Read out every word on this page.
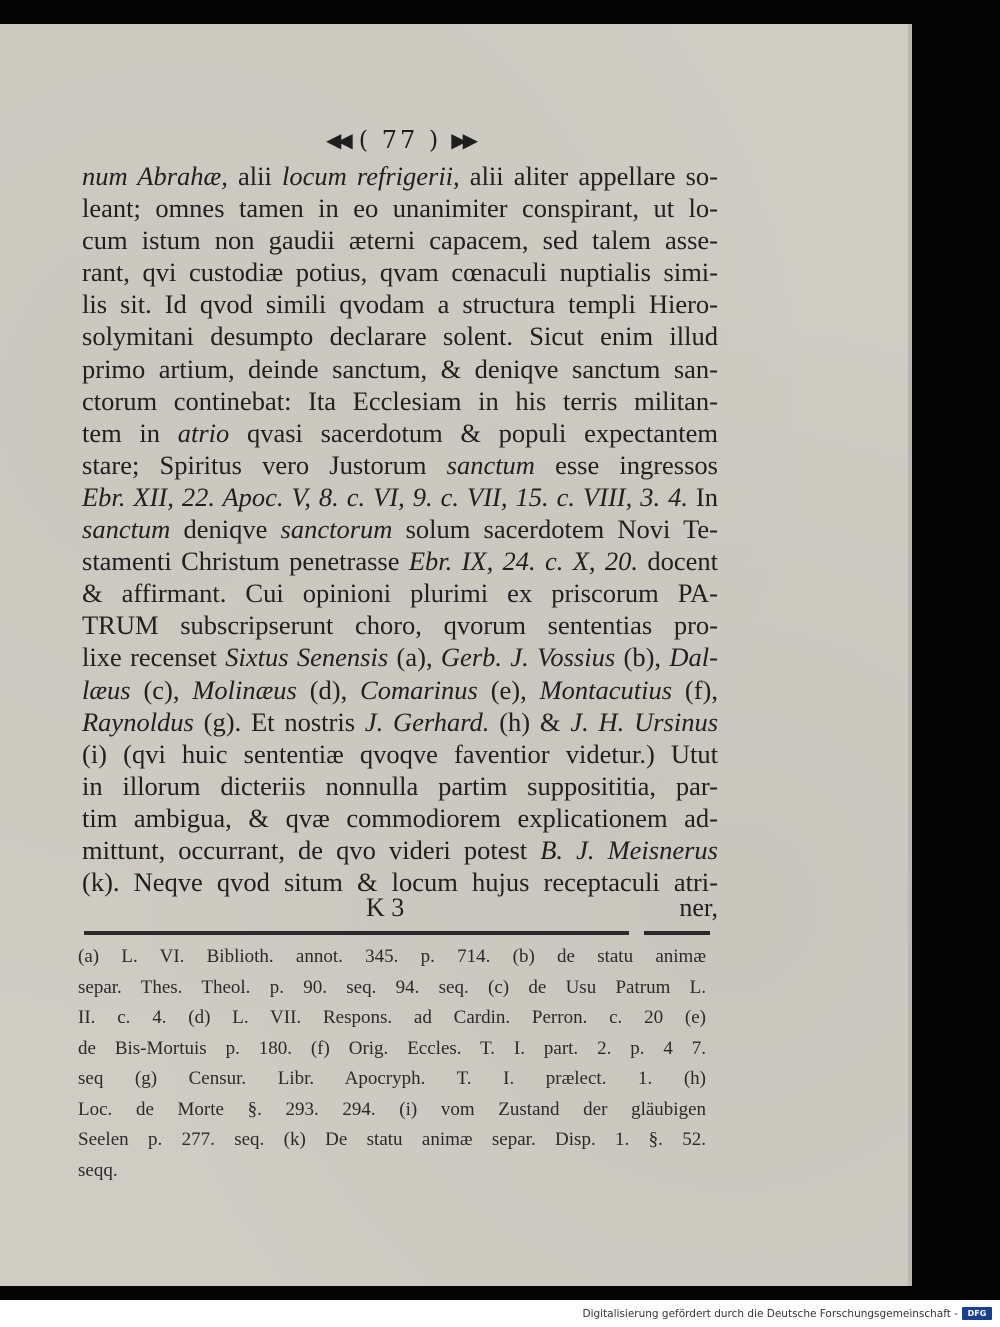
◀◀ ( 77 ) ▶▶
num Abrahæ, alii locum refrigerii, alii aliter appellare so-
leant; omnes tamen in eo unanimiter conspirant, ut lo-
cum istum non gaudii æterni capacem, sed talem asse-
rant, qvi custodiæ potius, qvam cœnaculi nuptialis simi-
lis sit. Id qvod simili qvodam a structura templi Hiero-
solymitani desumpto declarare solent. Sicut enim illud
primo artium, deinde sanctum, & deniqve sanctum san-
ctorum continebat: Ita Ecclesiam in his terris militan-
tem in atrio qvasi sacerdotum & populi expectantem
stare; Spiritus vero Justorum sanctum esse ingressos
Ebr. XII, 22. Apoc. V, 8. c. VI, 9. c. VII, 15. c. VIII, 3. 4. In
sanctum deniqve sanctorum solum sacerdotem Novi Te-
stamenti Christum penetrasse Ebr. IX, 24. c. X, 20. docent
& affirmant. Cui opinioni plurimi ex priscorum PA-
TRUM subscripserunt choro, qvorum sententias pro-
lixe recenset Sixtus Senensis (a), Gerb. J. Vossius (b), Dal-
læus (c), Molinæus (d), Comarinus (e), Montacutius (f),
Raynoldus (g). Et nostris J. Gerhard. (h) & J. H. Ursinus
(i) (qvi huic sententiæ qvoqve faventior videtur.) Utut
in illorum dicteriis nonnulla partim supposititia, par-
tim ambigua, & qvæ commodiorem explicationem ad-
mittunt, occurrant, de qvo videri potest B. J. Meisnerus
(k). Neqve qvod situm & locum hujus receptaculi atri-
K 3	ner,
(a) L. VI. Biblioth. annot. 345. p. 714. (b) de statu animæ
separ. Thes. Theol. p. 90. seq. 94. seq. (c) de Usu Patrum L.
II. c. 4. (d) L. VII. Respons. ad Cardin. Perron. c. 20 (e)
de Bis-Mortuis p. 180. (f) Orig. Eccles. T. I. part. 2. p. 4 7.
seq (g) Censur. Libr. Apocryph. T. I. prælect. 1. (h)
Loc. de Morte §. 293. 294. (i) vom Zustand der gläubigen
Seelen p. 277. seq. (k) De statu animæ separ. Disp. 1. §. 52.
seqq.
Digitalisierung gefördert durch die Deutsche Forschungsgemeinschaft -	DFG
